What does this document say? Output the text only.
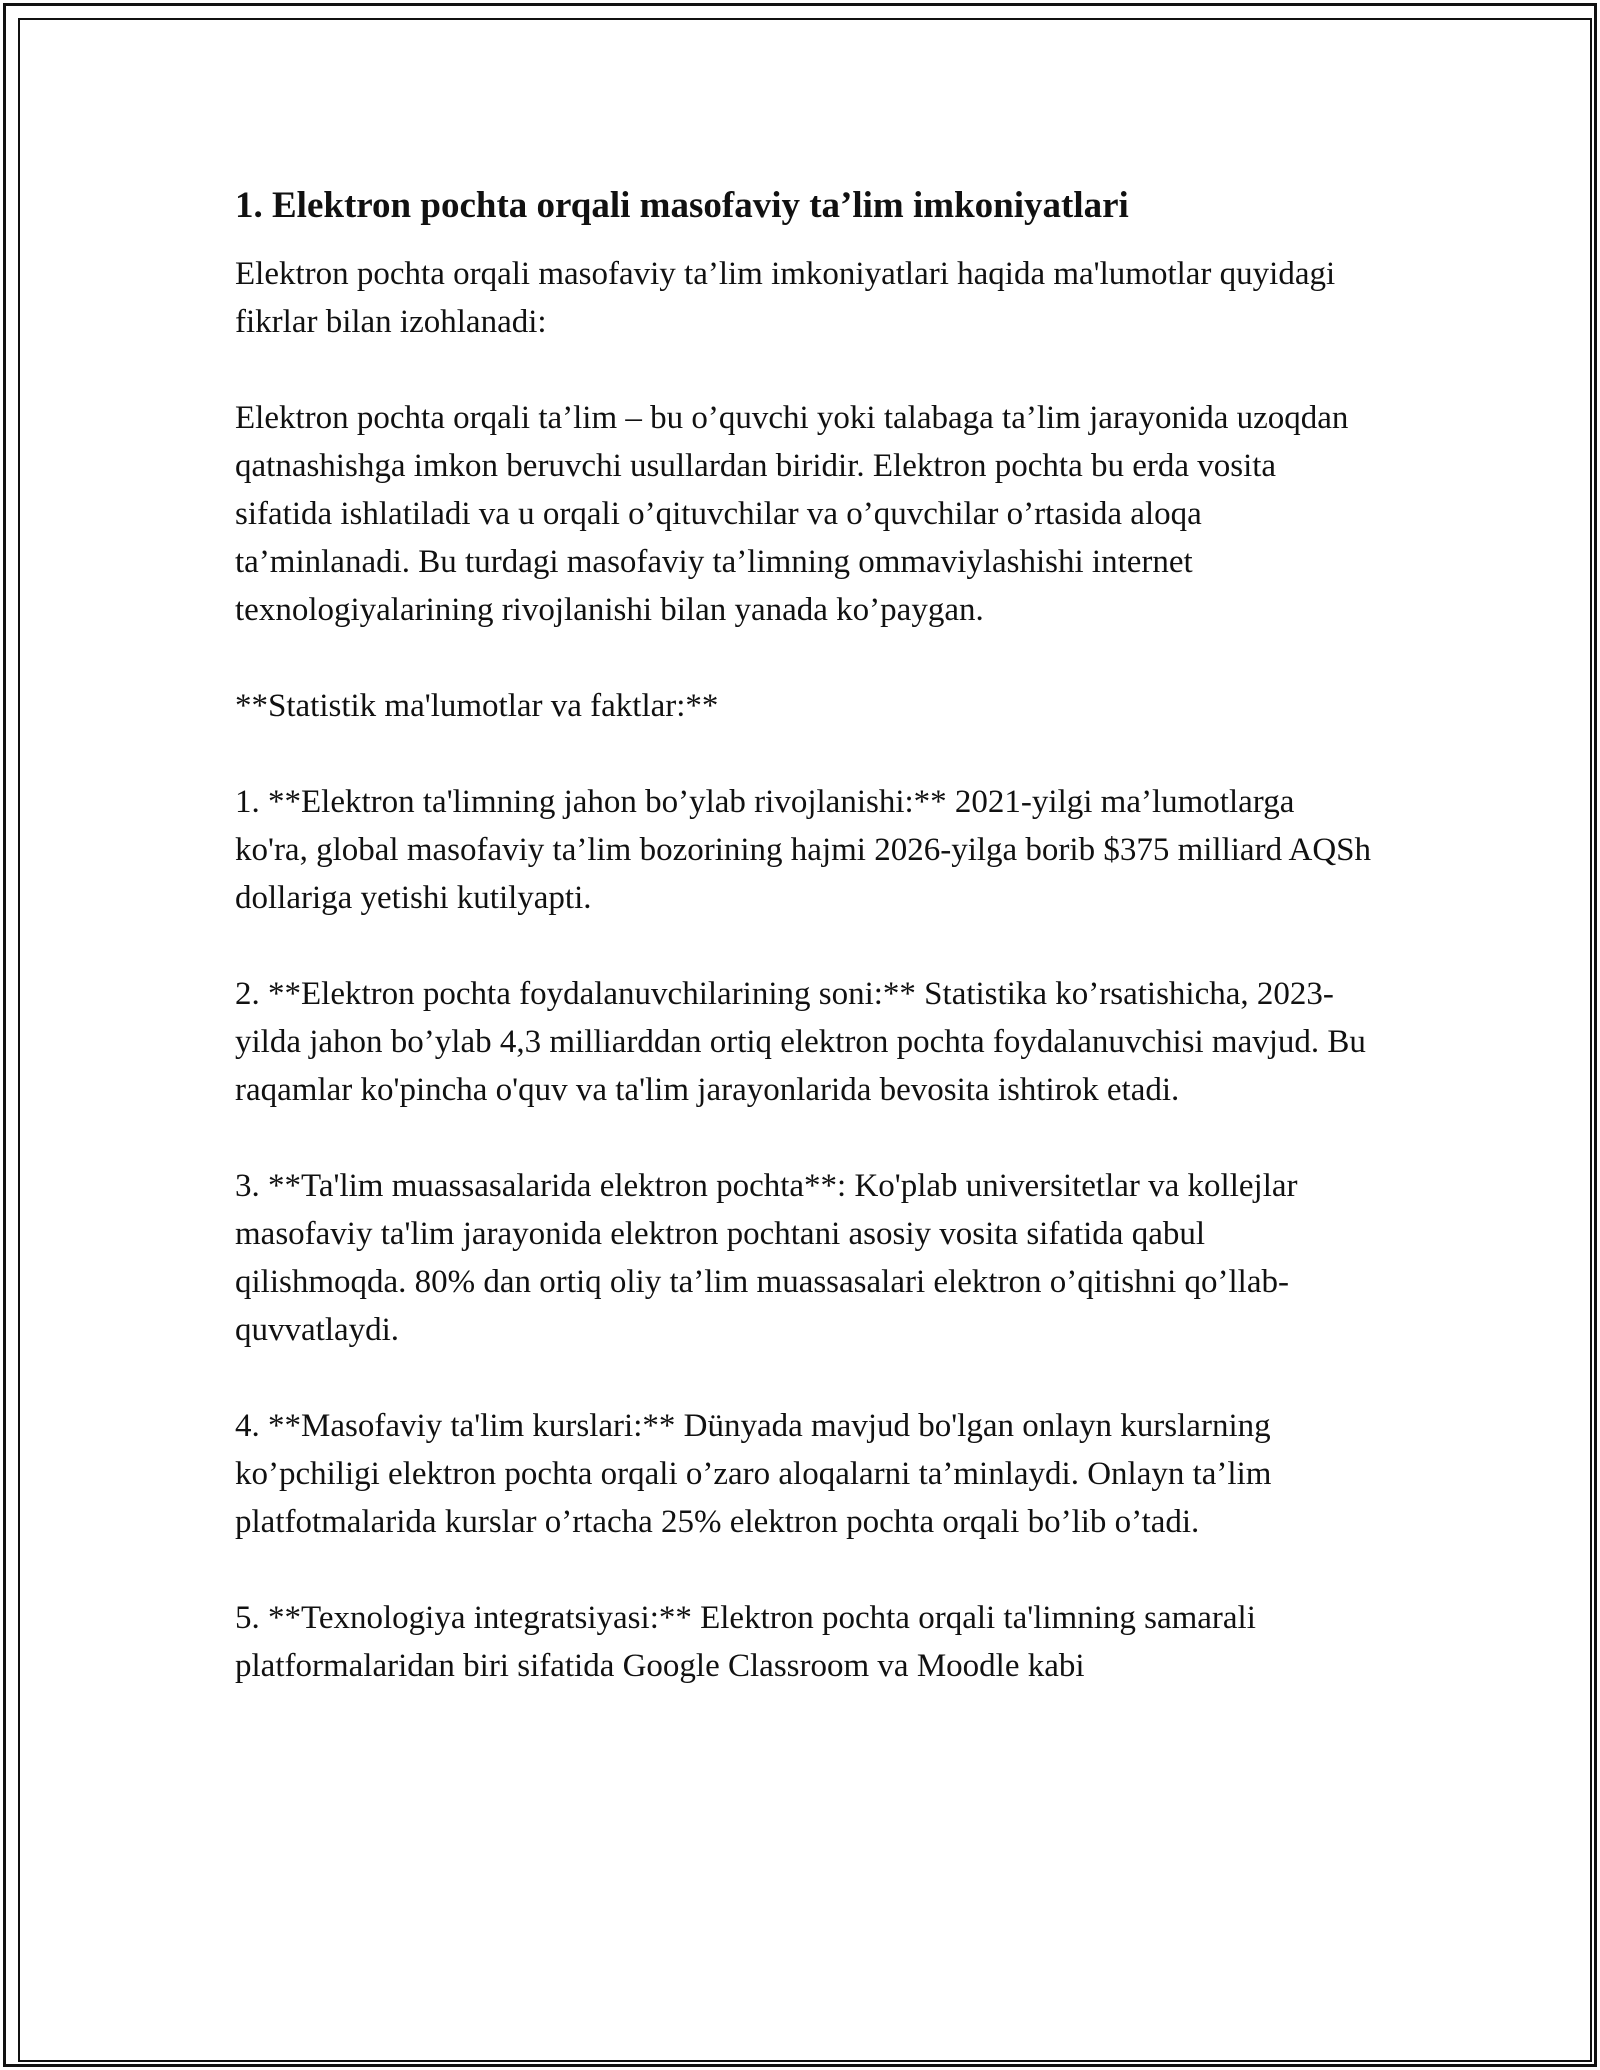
1. Elektron pochta orqali masofaviy ta’lim imkoniyatlari

Elektron pochta orqali masofaviy ta’lim imkoniyatlari haqida ma'lumotlar quyidagi fikrlar bilan izohlanadi:

Elektron pochta orqali ta’lim – bu o’quvchi yoki talabaga ta’lim jarayonida uzoqdan qatnashishga imkon beruvchi usullardan biridir. Elektron pochta bu erda vosita sifatida ishlatiladi va u orqali o’qituvchilar va o’quvchilar o’rtasida aloqa ta’minlanadi. Bu turdagi masofaviy ta’limning ommaviylashishi internet texnologiyalarining rivojlanishi bilan yanada ko’paygan.

**Statistik ma'lumotlar va faktlar:**

1. **Elektron ta'limning jahon bo’ylab rivojlanishi:** 2021-yilgi ma’lumotlarga ko'ra, global masofaviy ta’lim bozorining hajmi 2026-yilga borib $375 milliard AQSh dollariga yetishi kutilyapti.

2. **Elektron pochta foydalanuvchilarining soni:** Statistika ko’rsatishicha, 2023-yilda jahon bo’ylab 4,3 milliarddan ortiq elektron pochta foydalanuvchisi mavjud. Bu raqamlar ko'pincha o'quv va ta'lim jarayonlarida bevosita ishtirok etadi.

3. **Ta'lim muassasalarida elektron pochta**: Ko'plab universitetlar va kollejlar masofaviy ta'lim jarayonida elektron pochtani asosiy vosita sifatida qabul qilishmoqda. 80% dan ortiq oliy ta’lim muassasalari elektron o’qitishni qo’llab-quvvatlaydi.

4. **Masofaviy ta'lim kurslari:** Dünyada mavjud bo'lgan onlayn kurslarning ko’pchiligi elektron pochta orqali o’zaro aloqalarni ta’minlaydi. Onlayn ta’lim platfotmalarida kurslar o’rtacha 25% elektron pochta orqali bo’lib o’tadi.

5. **Texnologiya integratsiyasi:** Elektron pochta orqali ta'limning samarali platformalaridan biri sifatida Google Classroom va Moodle kabi
